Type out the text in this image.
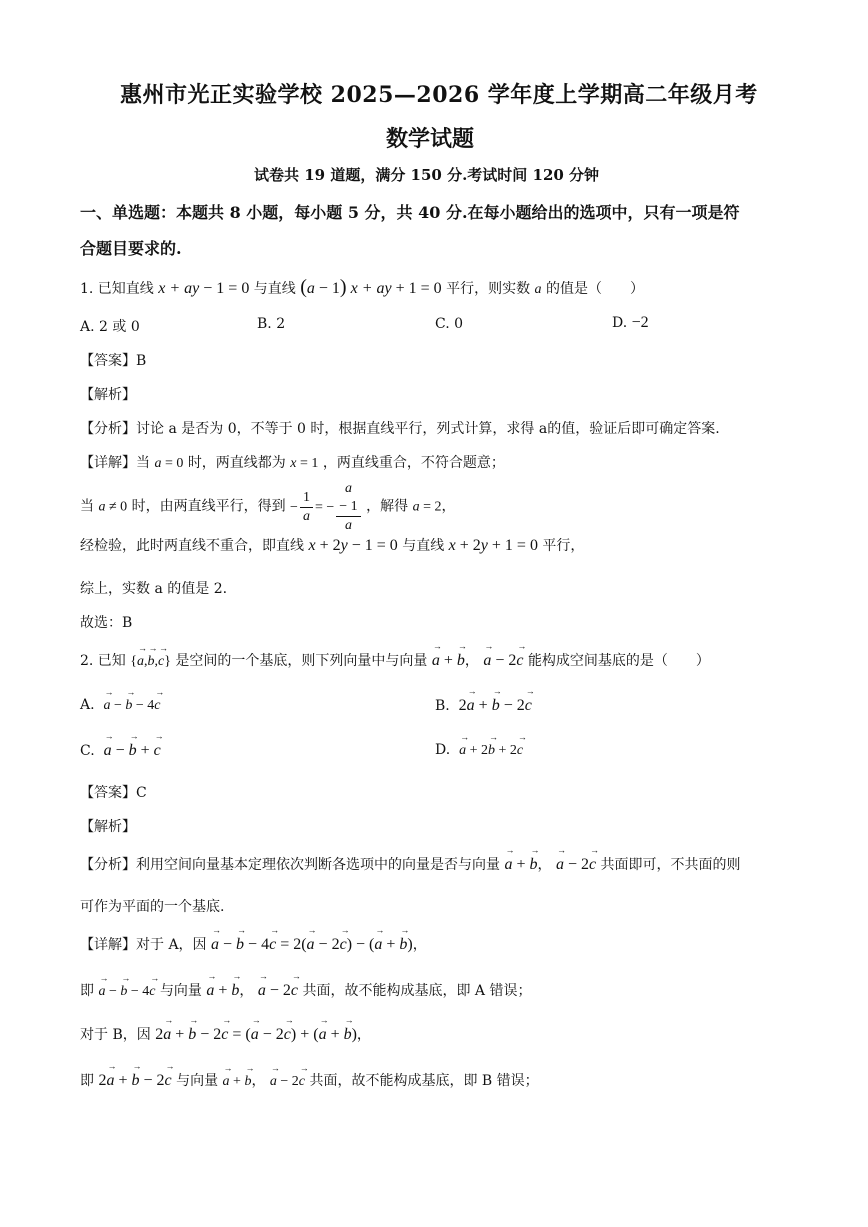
惠州市光正实验学校 2025—2026 学年度上学期高二年级月考
数学试题
试卷共 19 道题，满分 150 分.考试时间 120 分钟
一、单选题：本题共 8 小题，每小题 5 分，共 40 分.在每小题给出的选项中，只有一项是符
合题目要求的.
1. 已知直线 x + ay − 1 = 0 与直线 (a − 1) x + ay + 1 = 0 平行，则实数 a 的值是（　　）
A. 2 或 0	B. 2	C. 0	D. −2
【答案】B
【解析】
【分析】讨论 a 是否为 0，不等于 0 时，根据直线平行，列式计算，求得 a的值，验证后即可确定答案.
【详解】当 a = 0 时，两直线都为 x = 1 ，两直线重合，不符合题意；
当 a ≠ 0 时，由两直线平行，得到 − $\frac{1}{a}$ = − a
− 1
a ，解得 a = 2，
经检验，此时两直线不重合，即直线 x + 2y − 1 = 0 与直线 x + 2y + 1 = 0 平行，
综上，实数 a 的值是 2.
故选：B
2. 已知 {→ a,→ b,→ c} 是空间的一个基底，则下列向量中与向量 → a + → b， → a − 2→ c 能构成空间基底的是（　　）
A. → a − → b − 4→ c	B. 2→ a + → b − 2→ c
C. → a − → b + → c	D. → a + 2→ b + 2→ c
【答案】C
【解析】
【分析】利用空间向量基本定理依次判断各选项中的向量是否与向量 → a + → b， → a − 2→ c 共面即可，不共面的则
可作为平面的一个基底.
【详解】对于 A，因 → a − → b − 4→ c = 2(→ a − 2→ c) − (→ a + → b)，
即 → a − → b − 4→ c 与向量 → a + → b， → a − 2→ c 共面，故不能构成基底，即 A 错误；
对于 B，因 2→ a + → b − 2→ c = (→ a − 2→ c) + (→ a + → b)，
即 2→ a + → b − 2→ c 与向量 → a + → b， → a − 2→ c 共面，故不能构成基底，即 B 错误；
